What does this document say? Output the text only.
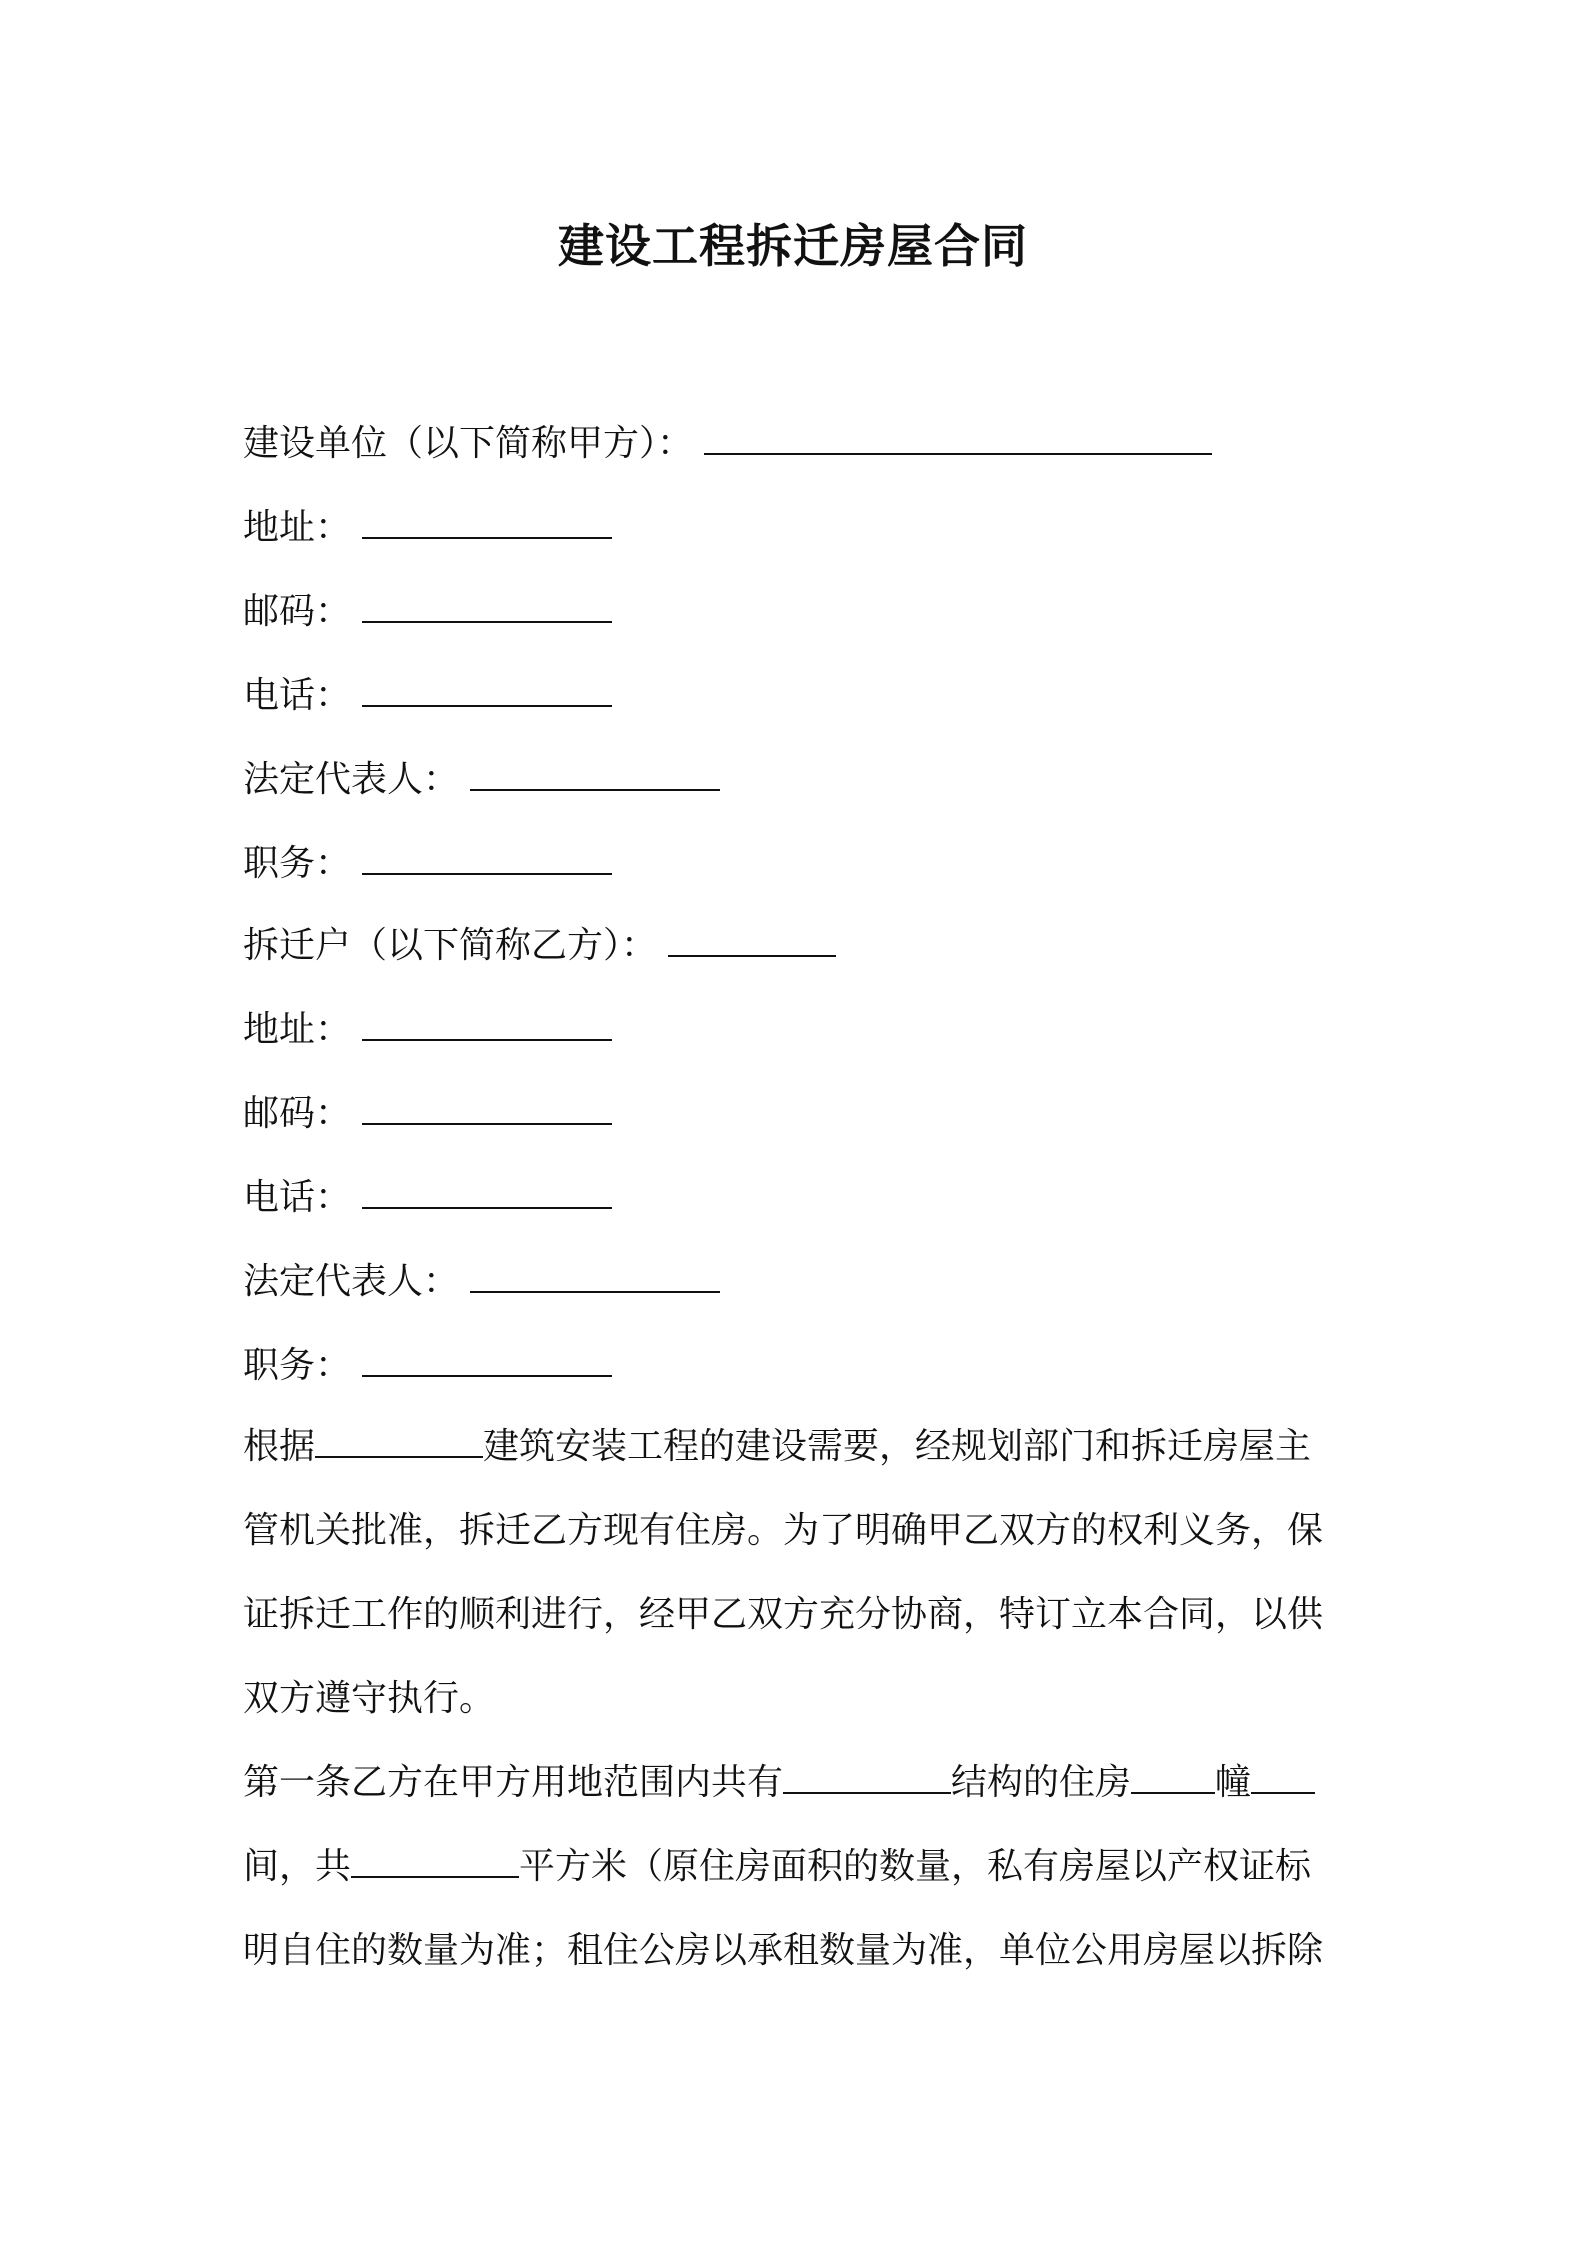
建设工程拆迁房屋合同
建设单位（以下简称甲方）：
地址：
邮码：
电话：
法定代表人：
职务：
拆迁户（以下简称乙方）：
地址：
邮码：
电话：
法定代表人：
职务：
根据	建筑安装工程的建设需要，经规划部门和拆迁房屋主
管机关批准，拆迁乙方现有住房。为了明确甲乙双方的权利义务，保
证拆迁工作的顺利进行，经甲乙双方充分协商，特订立本合同，以供
双方遵守执行。
第一条乙方在甲方用地范围内共有	结构的住房 幢
间，共	平方米（原住房面积的数量，私有房屋以产权证标
明自住的数量为准；租住公房以承租数量为准，单位公用房屋以拆除
